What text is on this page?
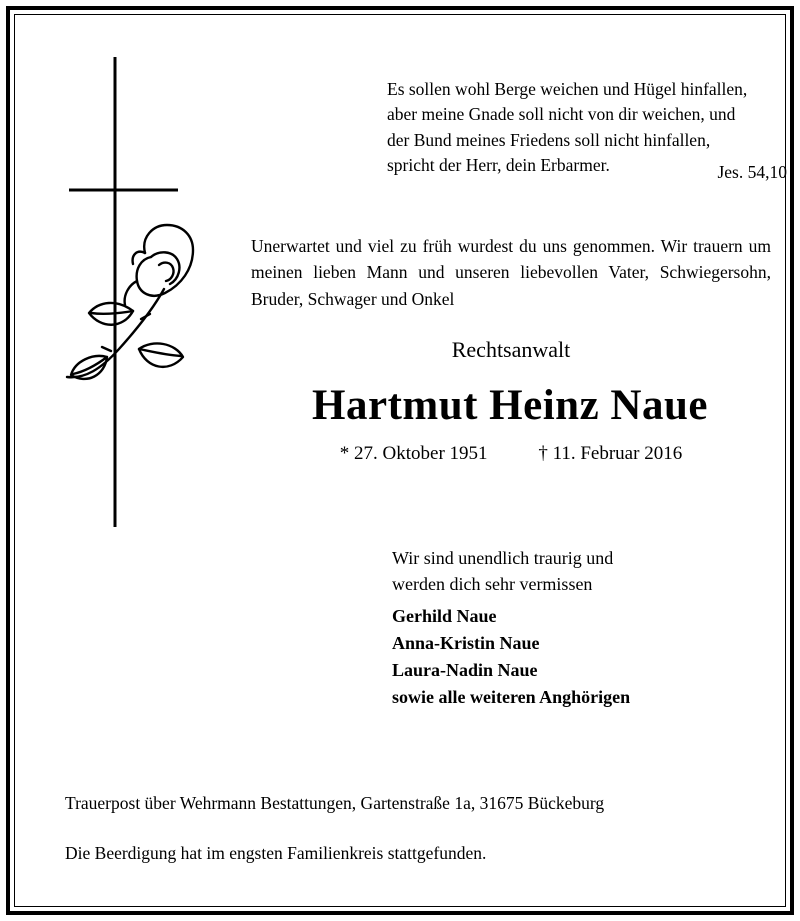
Es sollen wohl Berge weichen und Hügel hinfallen,
aber meine Gnade soll nicht von dir weichen, und
der Bund meines Friedens soll nicht hinfallen,
spricht der Herr, dein Erbarmer.	Jes. 54,10
Unerwartet und viel zu früh wurdest du uns genommen. Wir trauern um meinen lieben Mann und unseren liebevollen Vater, Schwiegersohn, Bruder, Schwager und Onkel
Rechtsanwalt
Hartmut Heinz Naue
* 27. Oktober 1951	† 11. Februar 2016
Wir sind unendlich traurig und
werden dich sehr vermissen
Gerhild Naue
Anna-Kristin Naue
Laura-Nadin Naue
sowie alle weiteren Anghörigen
Trauerpost über Wehrmann Bestattungen, Gartenstraße 1a, 31675 Bückeburg
Die Beerdigung hat im engsten Familienkreis stattgefunden.
